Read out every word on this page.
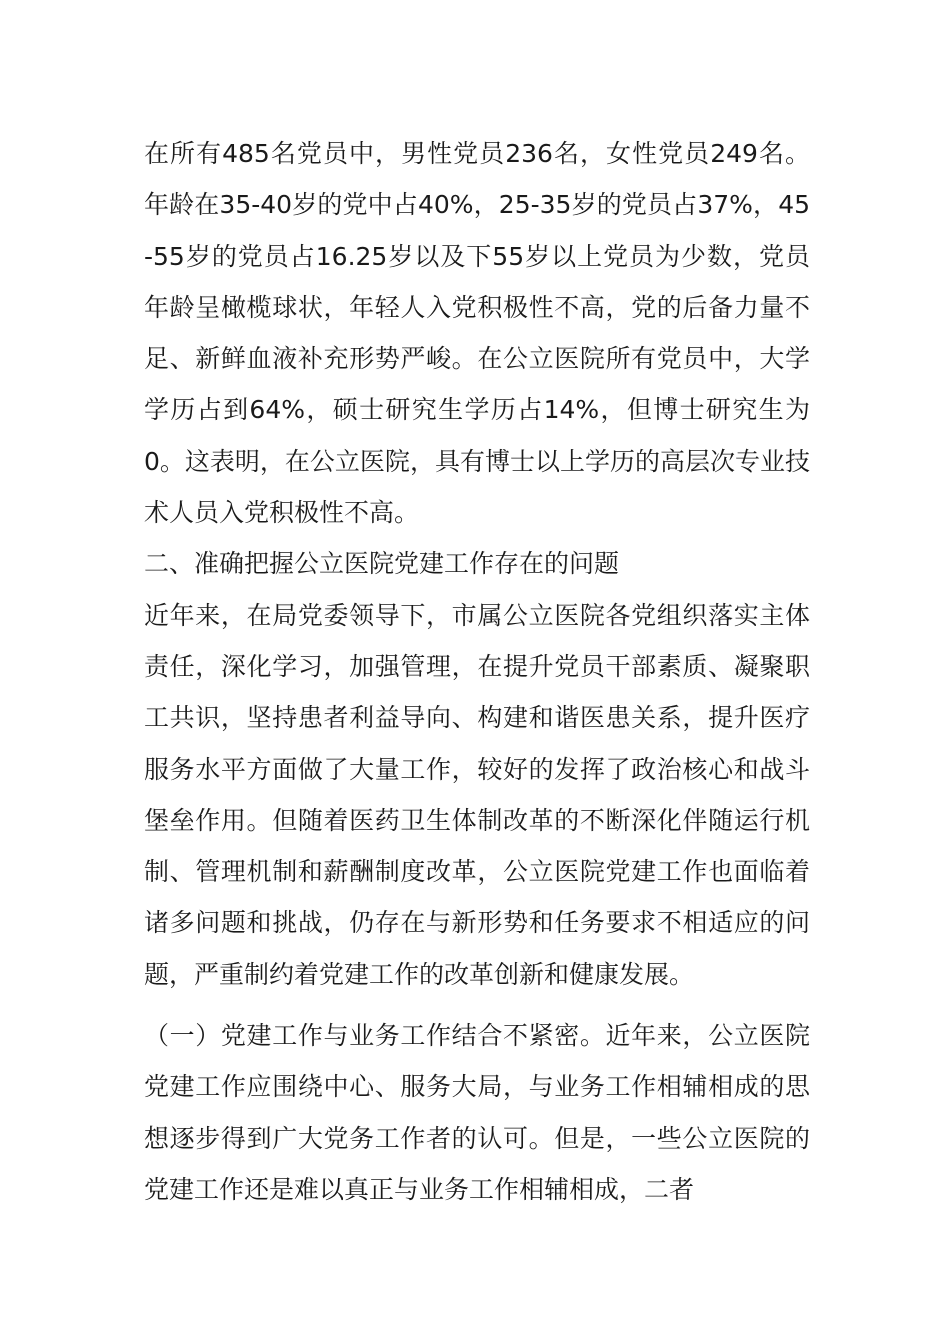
在所有485名党员中，男性党员236名，女性党员249名。年龄在35-40岁的党中占40%，25-35岁的党员占37%，45-55岁的党员占16.25岁以及下55岁以上党员为少数，党员年龄呈橄榄球状，年轻人入党积极性不高，党的后备力量不足、新鲜血液补充形势严峻。在公立医院所有党员中，大学学历占到64%，硕士研究生学历占14%，但博士研究生为0。这表明，在公立医院，具有博士以上学历的高层次专业技术人员入党积极性不高。

二、准确把握公立医院党建工作存在的问题

近年来，在局党委领导下，市属公立医院各党组织落实主体责任，深化学习，加强管理，在提升党员干部素质、凝聚职工共识，坚持患者利益导向、构建和谐医患关系，提升医疗服务水平方面做了大量工作，较好的发挥了政治核心和战斗堡垒作用。但随着医药卫生体制改革的不断深化伴随运行机制、管理机制和薪酬制度改革，公立医院党建工作也面临着诸多问题和挑战，仍存在与新形势和任务要求不相适应的问题，严重制约着党建工作的改革创新和健康发展。

（一）党建工作与业务工作结合不紧密。近年来，公立医院党建工作应围绕中心、服务大局，与业务工作相辅相成的思想逐步得到广大党务工作者的认可。但是，一些公立医院的党建工作还是难以真正与业务工作相辅相成，二者
